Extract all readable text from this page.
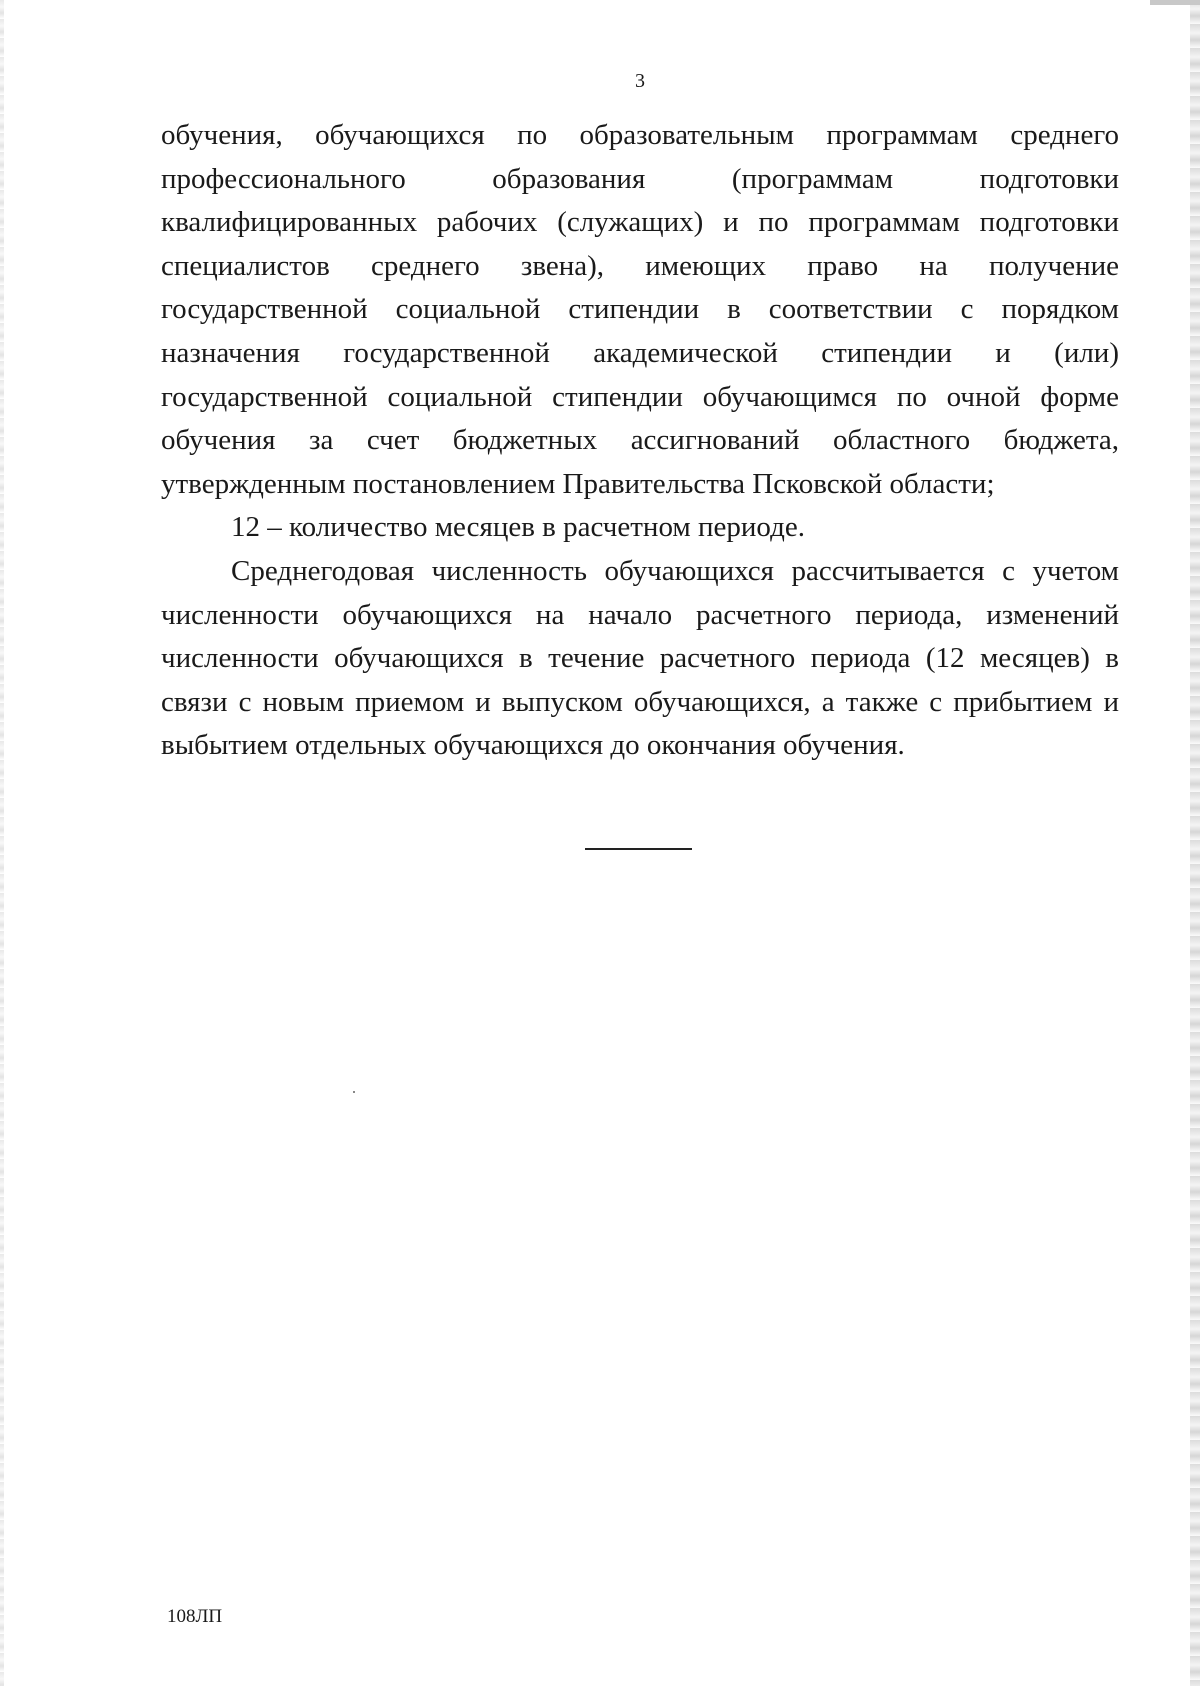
3

обучения, обучающихся по образовательным программам среднего профессионального образования (программам подготовки квалифицированных рабочих (служащих) и по программам подготовки специалистов среднего звена), имеющих право на получение государственной социальной стипендии в соответствии с порядком назначения государственной академической стипендии и (или) государственной социальной стипендии обучающимся по очной форме обучения за счет бюджетных ассигнований областного бюджета, утвержденным постановлением Правительства Псковской области;

12 – количество месяцев в расчетном периоде.

Среднегодовая численность обучающихся рассчитывается с учетом численности обучающихся на начало расчетного периода, изменений численности обучающихся в течение расчетного периода (12 месяцев) в связи с новым приемом и выпуском обучающихся, а также с прибытием и выбытием отдельных обучающихся до окончания обучения.

108ЛП
